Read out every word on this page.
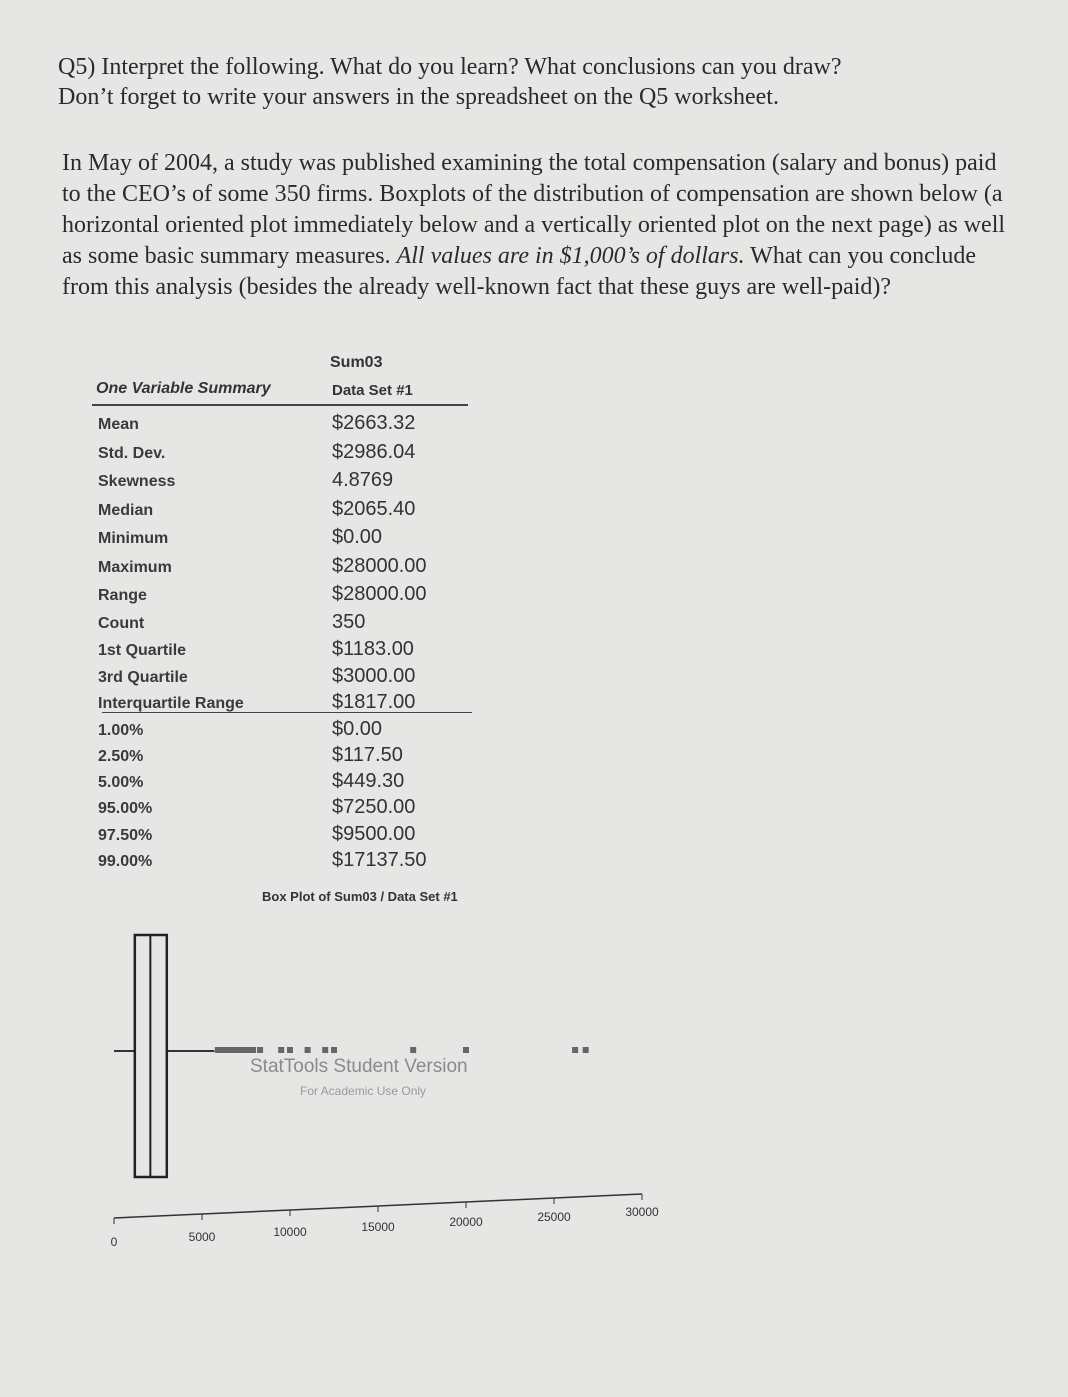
Q5) Interpret the following. What do you learn? What conclusions can you draw?

Don’t forget to write your answers in the spreadsheet on the Q5 worksheet.

In May of 2004, a study was published examining the total compensation (salary and bonus) paid to the CEO’s of some 350 firms. Boxplots of the distribution of compensation are shown below (a horizontal oriented plot immediately below and a vertically oriented plot on the next page) as well as some basic summary measures. All values are in $1,000’s of dollars. What can you conclude from this analysis (besides the already well-known fact that these guys are well-paid)?
Sum03
One Variable Summary	Data Set #1
Mean	$2663.32
Std. Dev.	$2986.04
Skewness	4.8769
Median	$2065.40
Minimum	$0.00
Maximum	$28000.00
Range	$28000.00
Count	350
1st Quartile	$1183.00
3rd Quartile	$3000.00
Interquartile Range	$1817.00
1.00%	$0.00
2.50%	$117.50
5.00%	$449.30
95.00%	$7250.00
97.50%	$9500.00
99.00%	$17137.50
Box Plot of Sum03 / Data Set #1
0	5000	10000	15000	20000	25000	30000
StatTools Student Version
For Academic Use Only
